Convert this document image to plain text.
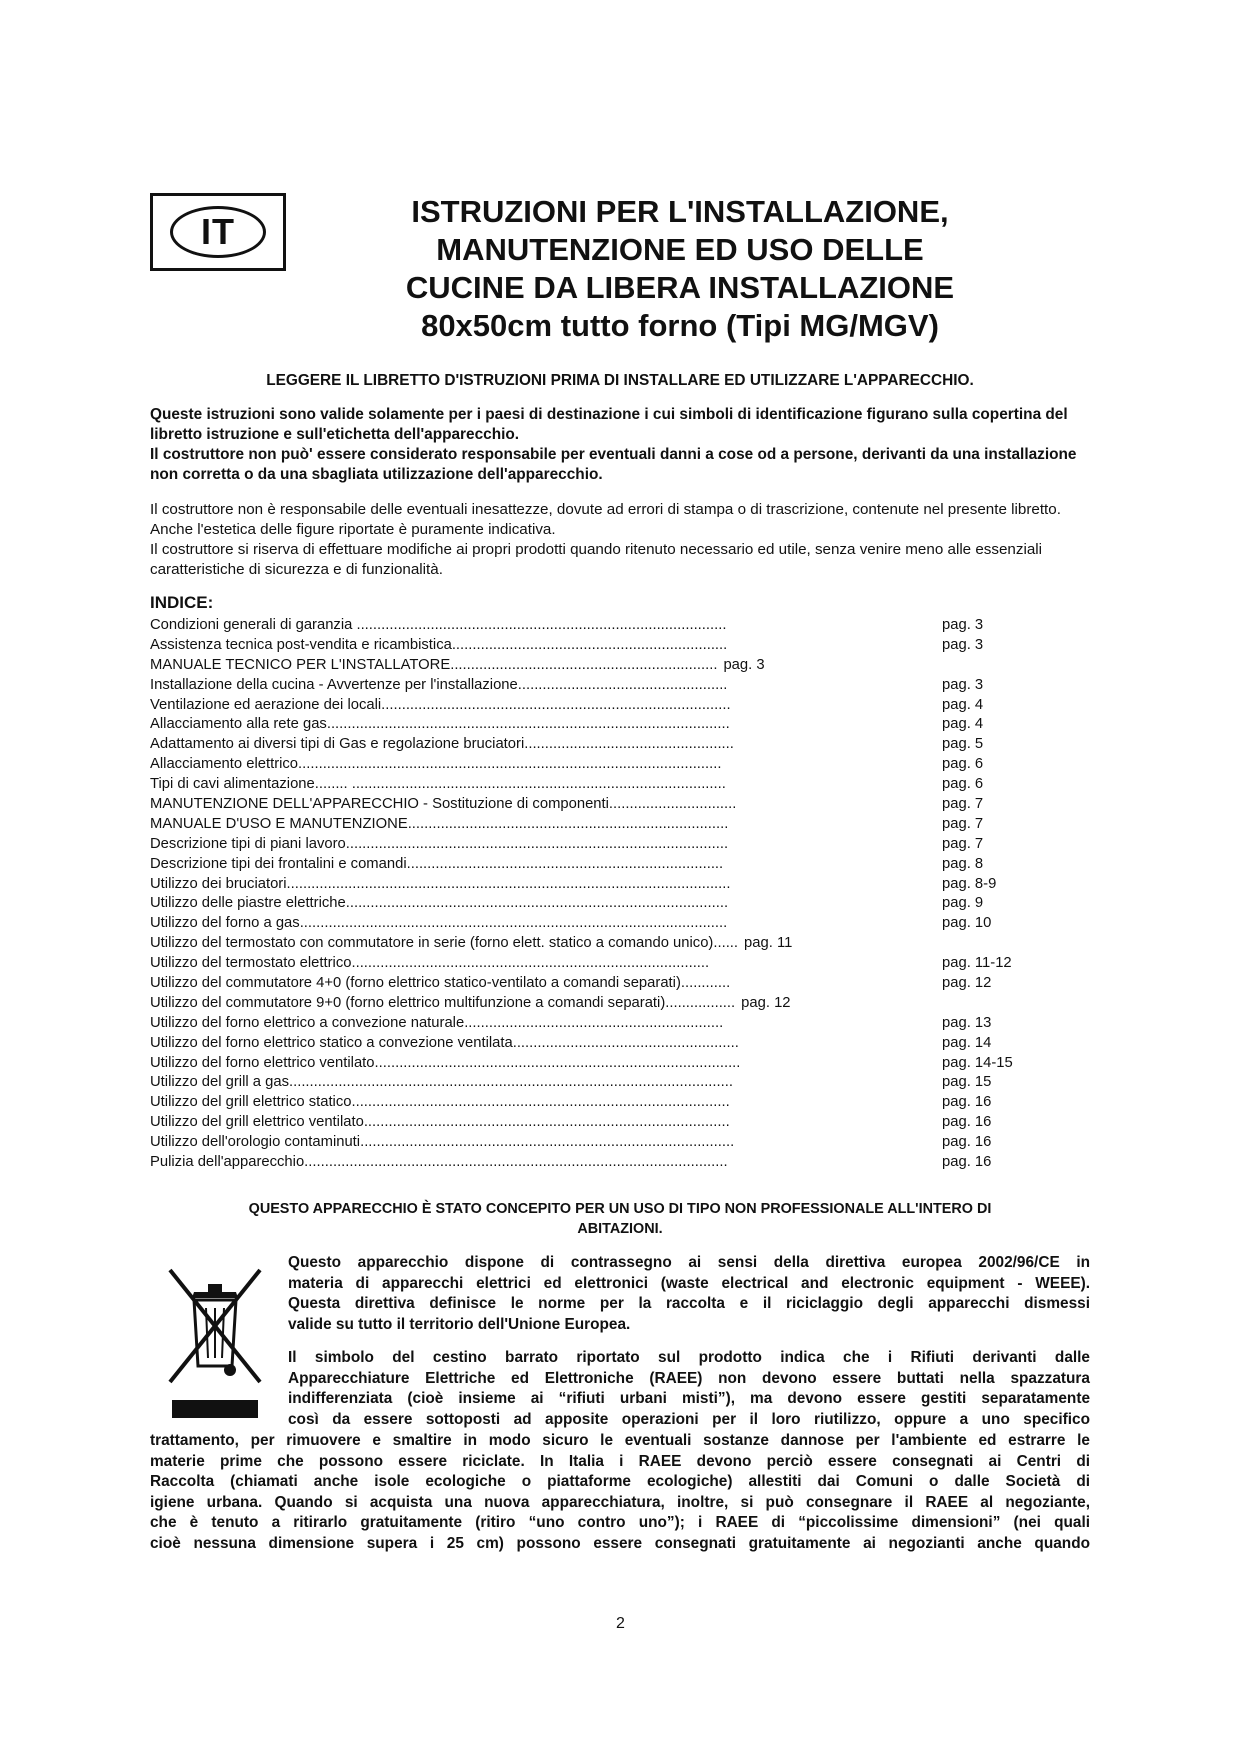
IT	ISTRUZIONI PER L'INSTALLAZIONE,
MANUTENZIONE ED USO DELLE
CUCINE DA LIBERA INSTALLAZIONE
80x50cm tutto forno (Tipi MG/MGV)
LEGGERE IL LIBRETTO D'ISTRUZIONI PRIMA DI INSTALLARE ED UTILIZZARE L'APPARECCHIO.

Queste istruzioni sono valide solamente per i paesi di destinazione i cui simboli di identificazione figurano sulla copertina del libretto istruzione e sull'etichetta dell'apparecchio.

Il costruttore non può' essere considerato responsabile per eventuali danni a cose od a persone, derivanti da una installazione non corretta o da una sbagliata utilizzazione dell'apparecchio.

Il costruttore non è responsabile delle eventuali inesattezze, dovute ad errori di stampa o di trascrizione, contenute nel presente libretto. Anche l'estetica delle figure riportate è puramente indicativa.

Il costruttore si riserva di effettuare modifiche ai propri prodotti quando ritenuto necessario ed utile, senza venire meno alle essenziali caratteristiche di sicurezza e di funzionalità.

INDICE:
Condizioni generali di garanzia ..........................................................................................	pag. 3
Assistenza tecnica post-vendita e ricambistica...................................................................	pag. 3
MANUALE TECNICO PER L'INSTALLATORE................................................................. pag. 3
Installazione della cucina - Avvertenze per l'installazione...................................................	pag. 3
Ventilazione ed aerazione dei locali.....................................................................................	pag. 4
Allacciamento alla rete gas..................................................................................................	pag. 4
Adattamento ai diversi tipi di Gas e regolazione bruciatori...................................................	pag. 5
Allacciamento elettrico.......................................................................................................	pag. 6
Tipi di cavi alimentazione........ ...........................................................................................	pag. 6
MANUTENZIONE DELL'APPARECCHIO - Sostituzione di componenti...............................	pag. 7
MANUALE D'USO E MANUTENZIONE..............................................................................	pag. 7
Descrizione tipi di piani lavoro.............................................................................................	pag. 7
Descrizione tipi dei frontalini e comandi.............................................................................	pag. 8
Utilizzo dei bruciatori............................................................................................................	pag. 8-9
Utilizzo delle piastre elettriche.............................................................................................	pag. 9
Utilizzo del forno a gas........................................................................................................	pag. 10
Utilizzo del termostato con commutatore in serie (forno elett. statico a comando unico)...... pag. 11
Utilizzo del termostato elettrico.......................................................................................	pag. 11-12
Utilizzo del commutatore 4+0 (forno elettrico statico-ventilato a comandi separati)............	pag. 12
Utilizzo del commutatore 9+0 (forno elettrico multifunzione a comandi separati)................. pag. 12
Utilizzo del forno elettrico a convezione naturale...............................................................	pag. 13
Utilizzo del forno elettrico statico a convezione ventilata.......................................................	pag. 14
Utilizzo del forno elettrico ventilato.........................................................................................	pag. 14-15
Utilizzo del grill a gas............................................................................................................	pag. 15
Utilizzo del grill elettrico statico............................................................................................	pag. 16
Utilizzo del grill elettrico ventilato.........................................................................................	pag. 16
Utilizzo dell'orologio contaminuti...........................................................................................	pag. 16
Pulizia dell'apparecchio.......................................................................................................	pag. 16
QUESTO APPARECCHIO È STATO CONCEPITO PER UN USO DI TIPO NON PROFESSIONALE ALL'INTERO DI
ABITAZIONI.
Questo apparecchio dispone di contrassegno ai sensi della direttiva europea 2002/96/CE in
materia di apparecchi elettrici ed elettronici (waste electrical and electronic equipment - WEEE).
Questa direttiva definisce le norme per la raccolta e il riciclaggio degli apparecchi dismessi
valide su tutto il territorio dell'Unione Europea.
Il simbolo del cestino barrato riportato sul prodotto indica che i Rifiuti derivanti dalle
Apparecchiature Elettriche ed Elettroniche (RAEE) non devono essere buttati nella spazzatura
indifferenziata (cioè insieme ai “rifiuti urbani misti”), ma devono essere gestiti separatamente
così da essere sottoposti ad apposite operazioni per il loro riutilizzo, oppure a uno specifico
trattamento, per rimuovere e smaltire in modo sicuro le eventuali sostanze dannose per l'ambiente ed estrarre le
materie prime che possono essere riciclate. In Italia i RAEE devono perciò essere consegnati ai Centri di
Raccolta (chiamati anche isole ecologiche o piattaforme ecologiche) allestiti dai Comuni o dalle Società di
igiene urbana. Quando si acquista una nuova apparecchiatura, inoltre, si può consegnare il RAEE al negoziante,
che è tenuto a ritirarlo gratuitamente (ritiro “uno contro uno”); i RAEE di “piccolissime dimensioni” (nei quali
cioè nessuna dimensione supera i 25 cm) possono essere consegnati gratuitamente ai negozianti anche quando
2
